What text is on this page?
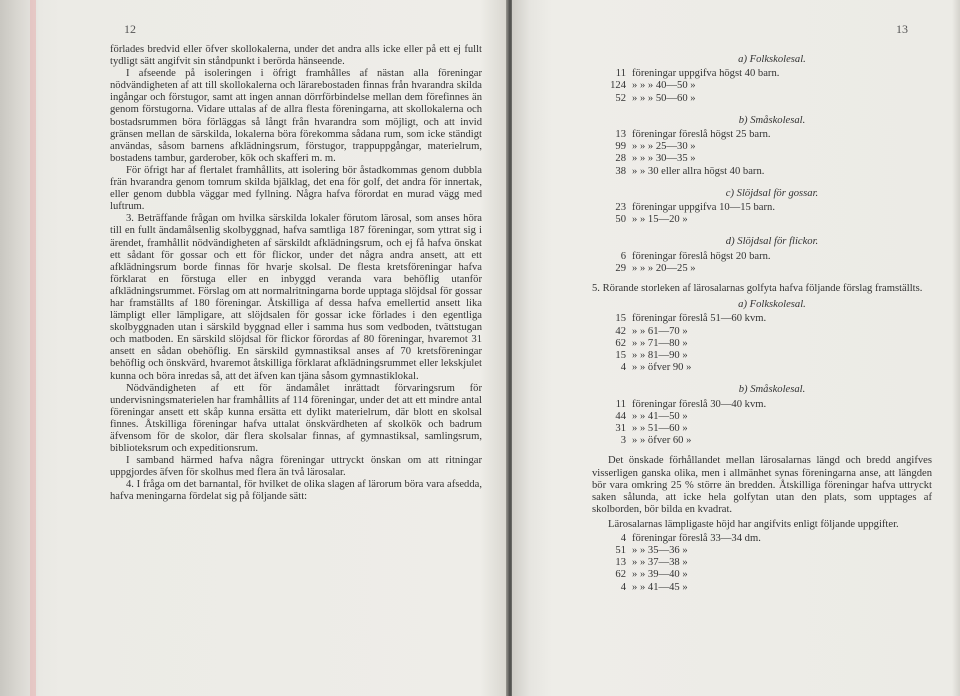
12

förlades bredvid eller öfver skollokalerna, under det andra alls icke eller på ett ej fullt tydligt sätt angifvit sin ståndpunkt i berörda hänseende.

I afseende på isoleringen i öfrigt framhålles af nästan alla föreningar nödvändigheten af att till skollokalerna och lärarebostaden finnas från hvarandra skilda ingångar och förstugor, samt att ingen annan dörrförbindelse mellan dem förefinnes än genom förstugorna. Vidare uttalas af de allra flesta föreningarna, att skollokalerna och bostadsrummen böra förläggas så långt från hvarandra som möjligt, och att invid gränsen mellan de särskilda, lokalerna böra förekomma sådana rum, som icke ständigt användas, såsom barnens afklädningsrum, förstugor, trappuppgångar, materielrum, bostadens tambur, garderober, kök och skafferi m. m.

För öfrigt har af flertalet framhållits, att isolering bör åstadkommas genom dubbla frän hvarandra genom tomrum skilda bjälklag, det ena för golf, det andra för innertak, eller genom dubbla väggar med fyllning. Några hafva förordat en murad vägg med luftrum.

3. Beträffande frågan om hvilka särskilda lokaler förutom lärosal, som anses höra till en fullt ändamålsenlig skolbyggnad, hafva samtliga 187 föreningar, som yttrat sig i ärendet, framhållit nödvändigheten af särskildt afklädningsrum, och ej få hafva önskat ett sådant för gossar och ett för flickor, under det några andra ansett, att ett afklädningsrum borde finnas för hvarje skolsal. De flesta kretsföreningar hafva förklarat en förstuga eller en inbyggd veranda vara behöflig utanför afklädningsrummet. Förslag om att normalritningarna borde upptaga slöjdsal för gossar har framställts af 180 föreningar. Åtskilliga af dessa hafva emellertid ansett lika lämpligt eller lämpligare, att slöjdsalen för gossar icke förlades i den egentliga skolbyggnaden utan i särskild byggnad eller i samma hus som vedboden, tvättstugan och matboden. En särskild slöjdsal för flickor förordas af 80 föreningar, hvaremot 31 ansett en sådan obehöflig. En särskild gymnastiksal anses af 70 kretsföreningar behöflig och önskvärd, hvaremot åtskilliga förklarat afklädningsrummet eller lekskjulet kunna och böra inredas så, att det äfven kan tjäna såsom gymnastiklokal.

Nödvändigheten af ett för ändamålet inrättadt förvaringsrum för undervisningsmaterielen har framhållits af 114 föreningar, under det att ett mindre antal föreningar ansett ett skåp kunna ersätta ett dylikt materielrum, där blott en skolsal finnes. Åtskilliga föreningar hafva uttalat önskvärdheten af skolkök och badrum äfvensom för de skolor, där flera skolsalar finnas, af gymnastiksal, samlingsrum, biblioteksrum och expeditionsrum.

I samband härmed hafva några föreningar uttryckt önskan om att ritningar uppgjordes äfven för skolhus med flera än två lärosalar.

4. I fråga om det barnantal, för hvilket de olika slagen af lärorum böra vara afsedda, hafva meningarna fördelat sig på följande sätt:

13
a) Folkskolesal.
11 föreningar uppgifva högst 40 barn.
124 » » » 40—50 »
52 » » » 50—60 »
b) Småskolesal.
13 föreningar föreslå högst 25 barn.
99 » » » 25—30 »
28 » » » 30—35 »
38 » » 30 eller allra högst 40 barn.
c) Slöjdsal för gossar.
23 föreningar uppgifva 10—15 barn.
50 » » 15—20 »
d) Slöjdsal för flickor.
6 föreningar föreslå högst 20 barn.
29 » » » 20—25 »
5. Rörande storleken af lärosalarnas golfyta hafva följande förslag framställts.
a) Folkskolesal.
15 föreningar föreslå 51—60 kvm.
42 » » 61—70 »
62 » » 71—80 »
15 » » 81—90 »
4 » » öfver 90 »
b) Småskolesal.
11 föreningar föreslå 30—40 kvm.
44 » » 41—50 »
31 » » 51—60 »
3 » » öfver 60 »
Det önskade förhållandet mellan lärosalarnas längd och bredd angifves visserligen ganska olika, men i allmänhet synas föreningarna anse, att längden bör vara omkring 25 % större än bredden. Åtskilliga föreningar hafva uttryckt saken sålunda, att icke hela golfytan utan den plats, som upptages af skolborden, bör bilda en kvadrat.
Lärosalarnas lämpligaste höjd har angifvits enligt följande uppgifter.
4 föreningar föreslå 33—34 dm.
51 » » 35—36 »
13 » » 37—38 »
62 » » 39—40 »
4 » » 41—45 »
